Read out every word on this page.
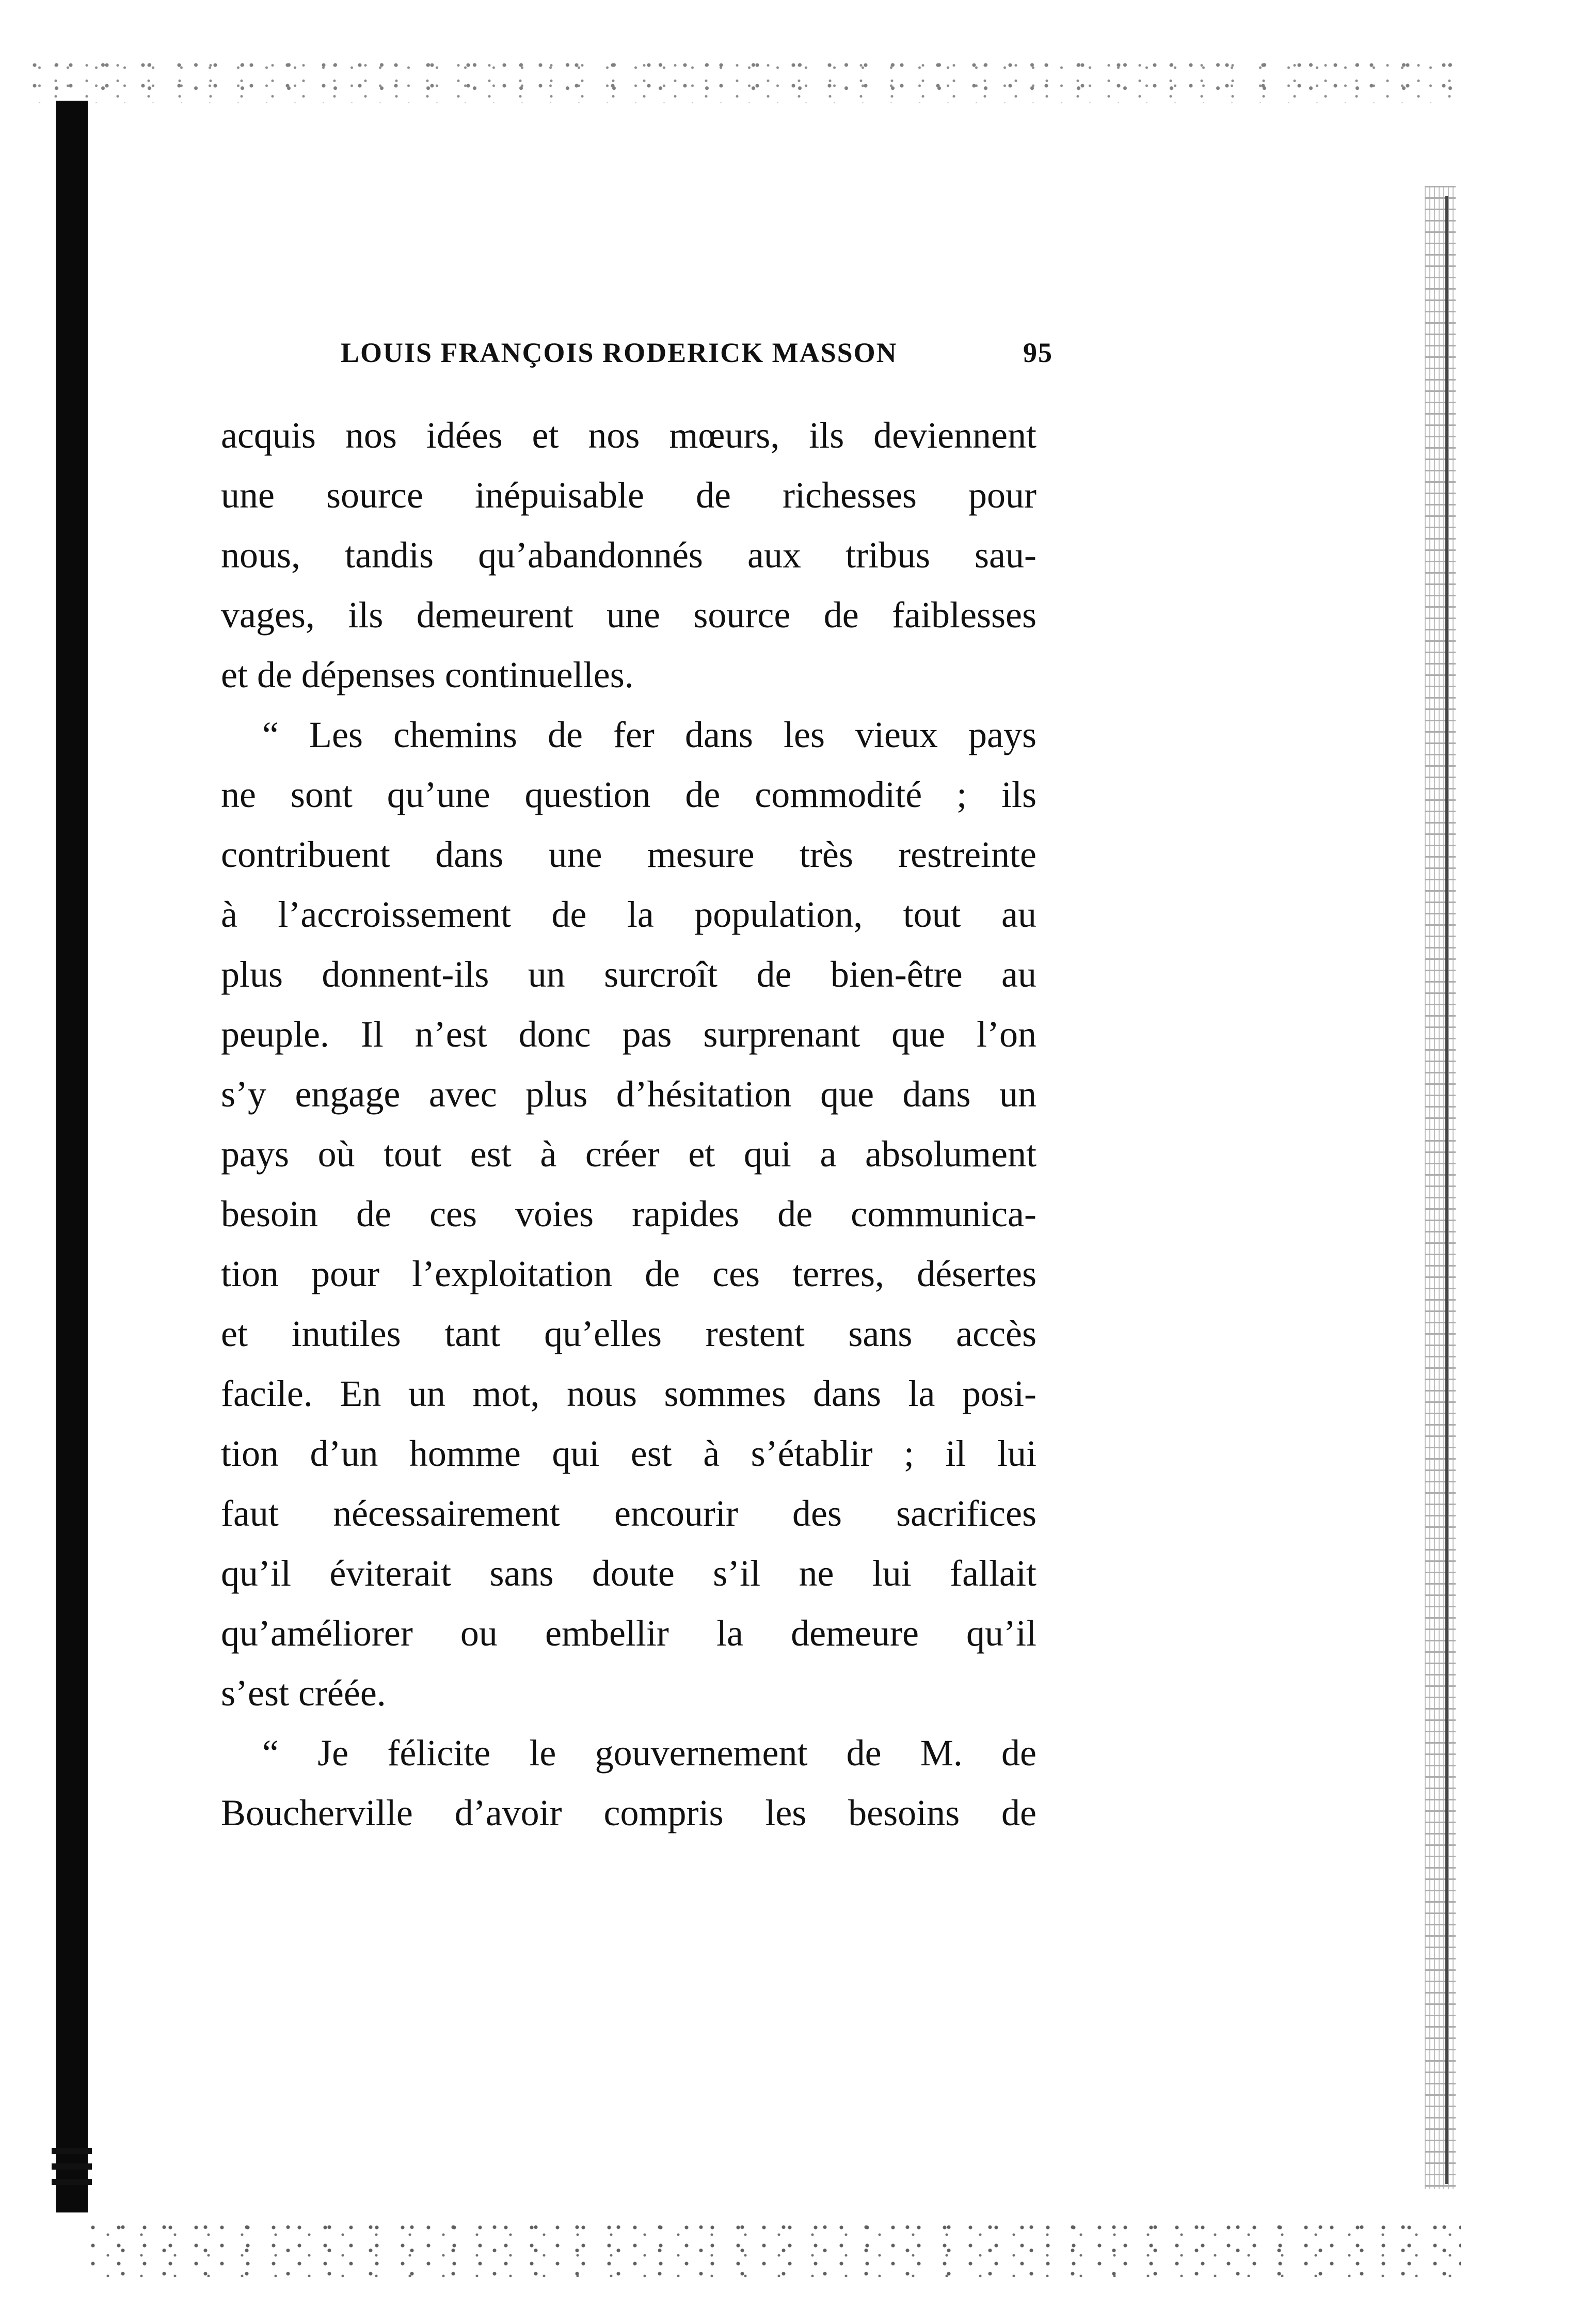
LOUIS FRANÇOIS RODERICK MASSON	95
acquis nos idées et nos mœurs, ils deviennent
une source inépuisable de richesses pour
nous, tandis qu’abandonnés aux tribus sau-
vages, ils demeurent une source de faiblesses
et de dépenses continuelles.
“ Les chemins de fer dans les vieux pays
ne sont qu’une question de commodité ; ils
contribuent dans une mesure très restreinte
à l’accroissement de la population, tout au
plus donnent-ils un surcroît de bien-être au
peuple. Il n’est donc pas surprenant que l’on
s’y engage avec plus d’hésitation que dans un
pays où tout est à créer et qui a absolument
besoin de ces voies rapides de communica-
tion pour l’exploitation de ces terres, désertes
et inutiles tant qu’elles restent sans accès
facile. En un mot, nous sommes dans la posi-
tion d’un homme qui est à s’établir ; il lui
faut nécessairement encourir des sacrifices
qu’il éviterait sans doute s’il ne lui fallait
qu’améliorer ou embellir la demeure qu’il
s’est créée.
“ Je félicite le gouvernement de M. de
Boucherville d’avoir compris les besoins de
